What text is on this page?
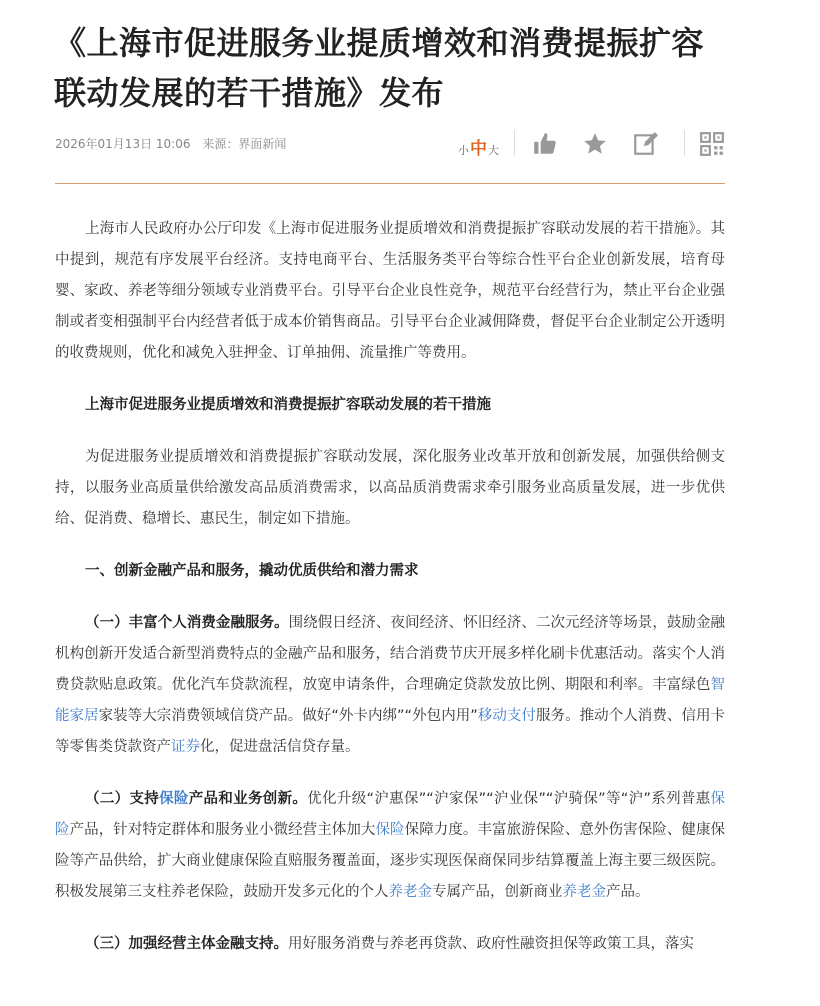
《上海市促进服务业提质增效和消费提振扩容联动发展的若干措施》发布
2026年01月13日 10:06 来源：界面新闻	小中大

上海市人民政府办公厅印发《上海市促进服务业提质增效和消费提振扩容联动发展的若干措施》。其中提到，规范有序发展平台经济。支持电商平台、生活服务类平台等综合性平台企业创新发展，培育母婴、家政、养老等细分领域专业消费平台。引导平台企业良性竞争，规范平台经营行为，禁止平台企业强制或者变相强制平台内经营者低于成本价销售商品。引导平台企业减佣降费，督促平台企业制定公开透明的收费规则，优化和减免入驻押金、订单抽佣、流量推广等费用。

上海市促进服务业提质增效和消费提振扩容联动发展的若干措施

为促进服务业提质增效和消费提振扩容联动发展，深化服务业改革开放和创新发展，加强供给侧支持，以服务业高质量供给激发高品质消费需求，以高品质消费需求牵引服务业高质量发展，进一步优供给、促消费、稳增长、惠民生，制定如下措施。

一、创新金融产品和服务，撬动优质供给和潜力需求

（一）丰富个人消费金融服务。围绕假日经济、夜间经济、怀旧经济、二次元经济等场景，鼓励金融机构创新开发适合新型消费特点的金融产品和服务，结合消费节庆开展多样化刷卡优惠活动。落实个人消费贷款贴息政策。优化汽车贷款流程，放宽申请条件，合理确定贷款发放比例、期限和利率。丰富绿色智能家居家装等大宗消费领域信贷产品。做好“外卡内绑”“外包内用”移动支付服务。推动个人消费、信用卡等零售类贷款资产证券化，促进盘活信贷存量。

（二）支持保险产品和业务创新。优化升级“沪惠保”“沪家保”“沪业保”“沪骑保”等“沪”系列普惠保险产品，针对特定群体和服务业小微经营主体加大保险保障力度。丰富旅游保险、意外伤害保险、健康保险等产品供给，扩大商业健康保险直赔服务覆盖面，逐步实现医保商保同步结算覆盖上海主要三级医院。积极发展第三支柱养老保险，鼓励开发多元化的个人养老金专属产品，创新商业养老金产品。

（三）加强经营主体金融支持。用好服务消费与养老再贷款、政府性融资担保等政策工具，落实
